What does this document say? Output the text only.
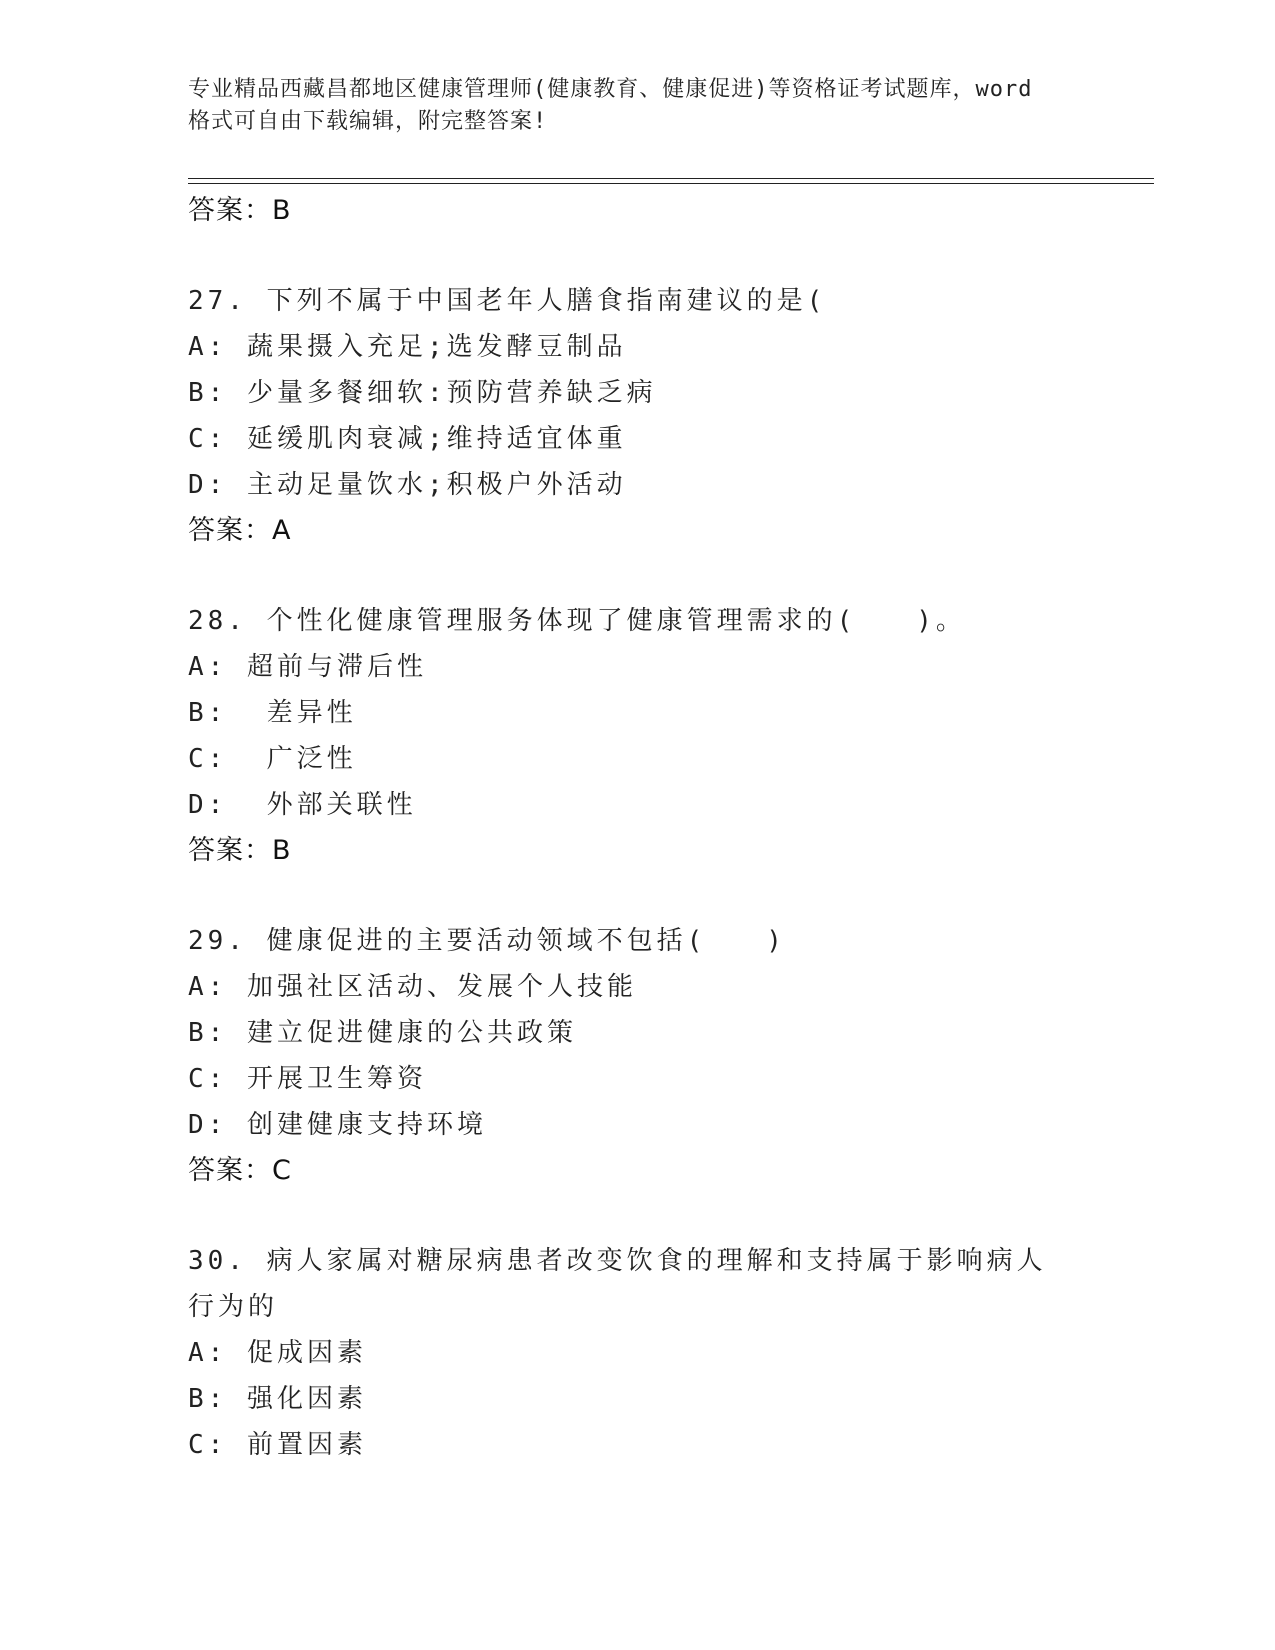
专业精品西藏昌都地区健康管理师(健康教育、健康促进)等资格证考试题库，word
格式可自由下载编辑，附完整答案!
答案：B
27. 下列不属于中国老年人膳食指南建议的是(
A: 蔬果摄入充足;选发酵豆制品
B: 少量多餐细软:预防营养缺乏病
C: 延缓肌肉衰减;维持适宜体重
D: 主动足量饮水;积极户外活动
答案：A
28. 个性化健康管理服务体现了健康管理需求的(　　)。
A: 超前与滞后性
B:  差异性
C:  广泛性
D:  外部关联性
答案：B
29. 健康促进的主要活动领域不包括(　　)
A: 加强社区活动、发展个人技能
B: 建立促进健康的公共政策
C: 开展卫生筹资
D: 创建健康支持环境
答案：C
30. 病人家属对糖尿病患者改变饮食的理解和支持属于影响病人行为的
A: 促成因素
B: 强化因素
C: 前置因素
